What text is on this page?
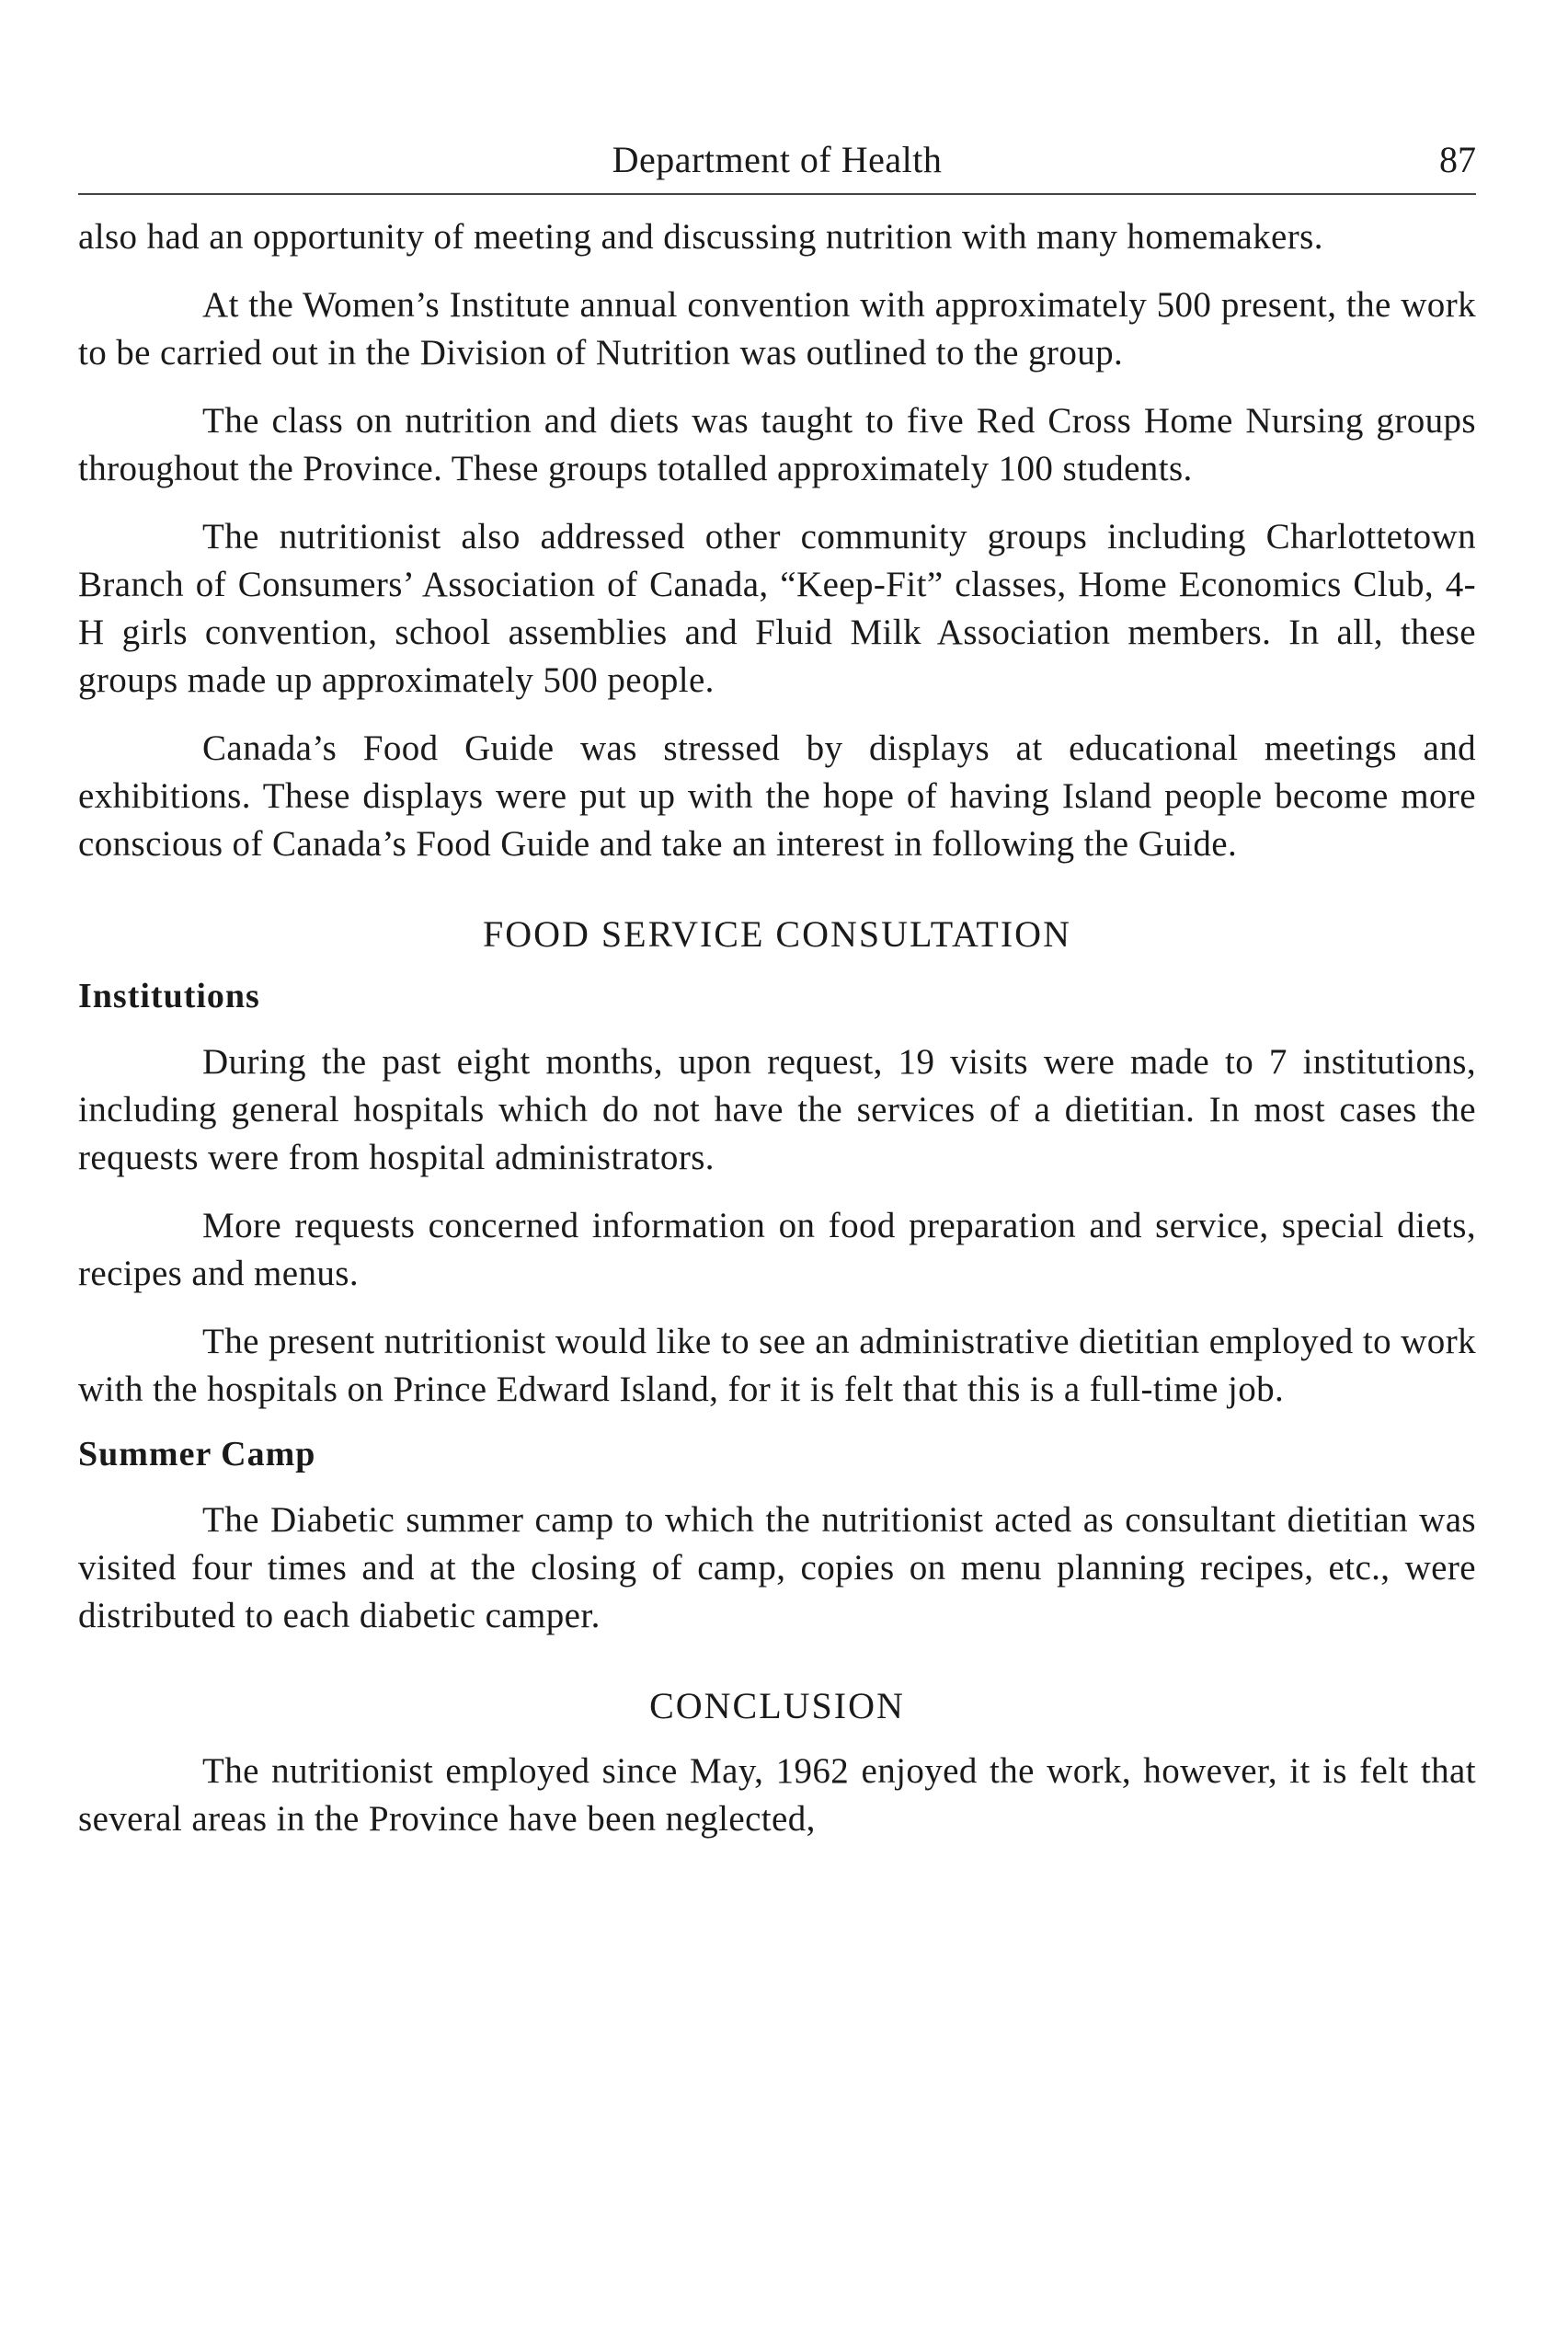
Department of Health	87

also had an opportunity of meeting and discussing nutrition with many homemakers.

At the Women’s Institute annual convention with approximately 500 present, the work to be carried out in the Division of Nutrition was outlined to the group.

The class on nutrition and diets was taught to five Red Cross Home Nursing groups throughout the Province. These groups totalled approximately 100 students.

The nutritionist also addressed other community groups including Charlottetown Branch of Consumers’ Association of Canada, “Keep-Fit” classes, Home Economics Club, 4-H girls convention, school assemblies and Fluid Milk Association members. In all, these groups made up approximately 500 people.

Canada’s Food Guide was stressed by displays at educational meetings and exhibitions. These displays were put up with the hope of having Island people become more conscious of Canada’s Food Guide and take an interest in following the Guide.

FOOD SERVICE CONSULTATION
Institutions

During the past eight months, upon request, 19 visits were made to 7 institutions, including general hospitals which do not have the services of a dietitian. In most cases the requests were from hospital administrators.

More requests concerned information on food preparation and service, special diets, recipes and menus.

The present nutritionist would like to see an administrative dietitian employed to work with the hospitals on Prince Edward Island, for it is felt that this is a full-time job.

Summer Camp

The Diabetic summer camp to which the nutritionist acted as consultant dietitian was visited four times and at the closing of camp, copies on menu planning recipes, etc., were distributed to each diabetic camper.

CONCLUSION

The nutritionist employed since May, 1962 enjoyed the work, however, it is felt that several areas in the Province have been neglected,
